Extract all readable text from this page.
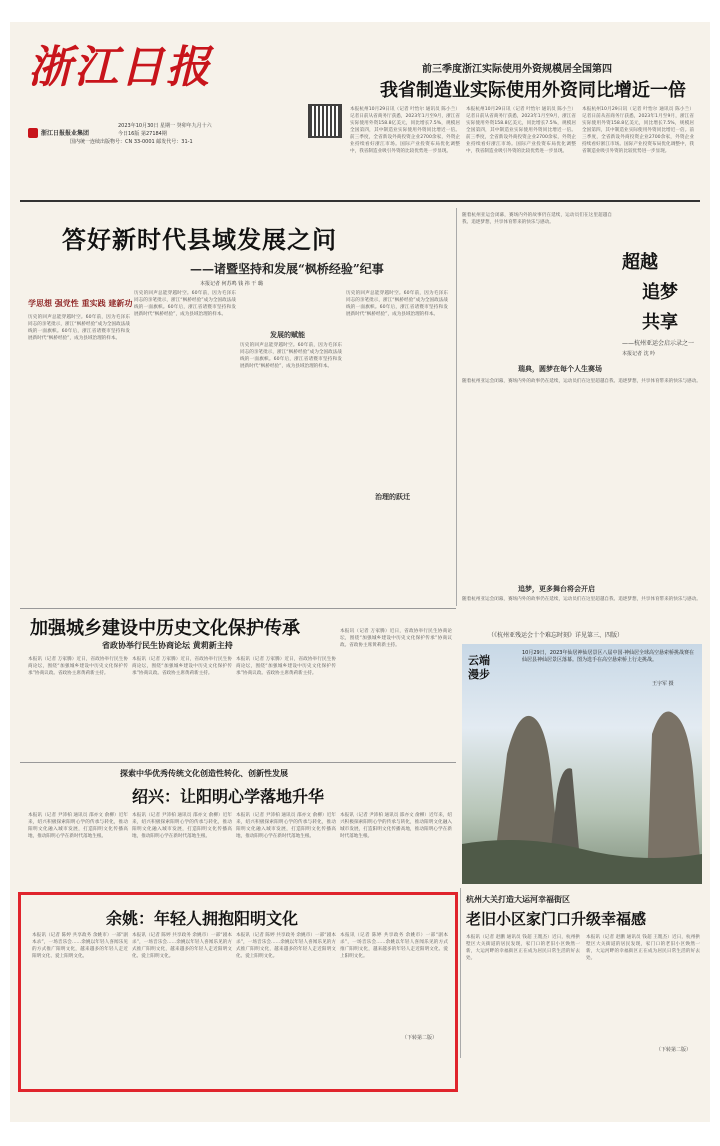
浙江日报
浙江日报报业集团
2023年10月30日 星期一 癸卯年九月十六
今日16版 第27184期
国内统一连续出版物号：CN 33-0001 邮发代号：31-1
前三季度浙江实际使用外资规模居全国第四
我省制造业实际使用外资同比增近一倍
本报杭州10月29日讯（记者 叶怡尔 通讯员 陈小兰）记者日前从省商务厅获悉，2023年1月至9月，浙江省实际使用外资158.8亿美元，同比增长7.5%，规模居全国第四，其中制造业实际使用外资同比增近一倍。前三季度，全省新设外商投资企业2700余家，外资企业持续看好浙江市场。国际产业投资布局优化调整中，我省制造业吸引外资的比较优势进一步显现。
本报杭州10月29日讯（记者 叶怡尔 通讯员 陈小兰）记者日前从省商务厅获悉，2023年1月至9月，浙江省实际使用外资158.8亿美元，同比增长7.5%，规模居全国第四，其中制造业实际使用外资同比增近一倍。前三季度，全省新设外商投资企业2700余家，外资企业持续看好浙江市场。国际产业投资布局优化调整中，我省制造业吸引外资的比较优势进一步显现。
本报杭州10月29日讯（记者 叶怡尔 通讯员 陈小兰）记者日前从省商务厅获悉，2023年1月至9月，浙江省实际使用外资158.8亿美元，同比增长7.5%，规模居全国第四，其中制造业实际使用外资同比增近一倍。前三季度，全省新设外商投资企业2700余家，外资企业持续看好浙江市场。国际产业投资布局优化调整中，我省制造业吸引外资的比较优势进一步显现。
答好新时代县域发展之问
——诸暨坚持和发展“枫桥经验”纪事
本报记者 何苏鸣 钱 祎 干 璐
学思想 强党性 重实践 建新功
历史的回声总能穿越时空。60年前，因为毛泽东同志的亲笔批示，浙江“枫桥经验”成为全国政法战线的一面旗帜。60年后，浙江省诸暨市坚持和发展新时代“枫桥经验”，成为县域治理的样本。
历史的回声总能穿越时空。60年前，因为毛泽东同志的亲笔批示，浙江“枫桥经验”成为全国政法战线的一面旗帜。60年后，浙江省诸暨市坚持和发展新时代“枫桥经验”，成为县域治理的样本。
发展的赋能
历史的回声总能穿越时空。60年前，因为毛泽东同志的亲笔批示，浙江“枫桥经验”成为全国政法战线的一面旗帜。60年后，浙江省诸暨市坚持和发展新时代“枫桥经验”，成为县域治理的样本。
历史的回声总能穿越时空。60年前，因为毛泽东同志的亲笔批示，浙江“枫桥经验”成为全国政法战线的一面旗帜。60年后，浙江省诸暨市坚持和发展新时代“枫桥经验”，成为县域治理的样本。
治理的跃迁
随着杭州亚运会闭幕，赛场内外的故事仍在延续，运动员们在这里超越自我、追逐梦想，共享体育带来的快乐与感动。
超越
追梦
共享
——杭州亚运会启示录之一
本报记者 沈 吟
瑞典，圆梦在每个人生赛场
随着杭州亚运会闭幕，赛场内外的故事仍在延续，运动员们在这里超越自我、追逐梦想，共享体育带来的快乐与感动。
追梦，更多舞台将会开启
随着杭州亚运会闭幕，赛场内外的故事仍在延续，运动员们在这里超越自我、追逐梦想，共享体育带来的快乐与感动。
（《杭州亚残运会十个难忘时刻》详见第三、四版）
加强城乡建设中历史文化保护传承
省政协举行民生协商论坛 黄莉新主持
本报讯（记者 万家腾）近日，省政协举行民生协商论坛，围绕“加强城乡建设中历史文化保护传承”协商议政。省政协主席黄莉新主持。
本报讯（记者 万家腾）近日，省政协举行民生协商论坛，围绕“加强城乡建设中历史文化保护传承”协商议政。省政协主席黄莉新主持。
本报讯（记者 万家腾）近日，省政协举行民生协商论坛，围绕“加强城乡建设中历史文化保护传承”协商议政。省政协主席黄莉新主持。
本报讯（记者 万家腾）近日，省政协举行民生协商论坛，围绕“加强城乡建设中历史文化保护传承”协商议政。省政协主席黄莉新主持。
云端漫步
10月29日，2023年仙居神仙居景区八届中国·神仙居全球高空悬索桥挑战赛在仙居县神仙居景区落幕。图为选手在高空悬索桥上行走挑战。
王宇军 摄
探索中华优秀传统文化创造性转化、创新性发展
绍兴：让阳明心学落地升华
本报讯（记者 尹沛柏 通讯员 邵亦文 俞柳）近年来，绍兴积极探索阳明心学的传承与转化，推动阳明文化融入城市发展，打造阳明文化传播高地，推动阳明心学在新时代落地生根。
本报讯（记者 尹沛柏 通讯员 邵亦文 俞柳）近年来，绍兴积极探索阳明心学的传承与转化，推动阳明文化融入城市发展，打造阳明文化传播高地，推动阳明心学在新时代落地生根。
本报讯（记者 尹沛柏 通讯员 邵亦文 俞柳）近年来，绍兴积极探索阳明心学的传承与转化，推动阳明文化融入城市发展，打造阳明文化传播高地，推动阳明心学在新时代落地生根。
本报讯（记者 尹沛柏 通讯员 邵亦文 俞柳）近年来，绍兴积极探索阳明心学的传承与转化，推动阳明文化融入城市发展，打造阳明文化传播高地，推动阳明心学在新时代落地生根。
余姚：年轻人拥抱阳明文化
本报讯（记者 陈婷 共享政务 余姚市）一部“剧本杀”，一场音乐会……余姚以年轻人喜闻乐见的方式推广阳明文化，越来越多的年轻人走近阳明文化、爱上阳明文化。
本报讯（记者 陈婷 共享政务 余姚市）一部“剧本杀”，一场音乐会……余姚以年轻人喜闻乐见的方式推广阳明文化，越来越多的年轻人走近阳明文化、爱上阳明文化。
本报讯（记者 陈婷 共享政务 余姚市）一部“剧本杀”，一场音乐会……余姚以年轻人喜闻乐见的方式推广阳明文化，越来越多的年轻人走近阳明文化、爱上阳明文化。
本报讯（记者 陈婷 共享政务 余姚市）一部“剧本杀”，一场音乐会……余姚以年轻人喜闻乐见的方式推广阳明文化，越来越多的年轻人走近阳明文化、爱上阳明文化。
（下转第二版）
杭州大关打造大运河幸福街区
老旧小区家门口升级幸福感
本报讯（记者 赵鹏 通讯员 钱超 王胤杰）近日，杭州拱墅区大关街道的居民发现，家门口的老旧小区焕然一新，大运河畔的幸福街区正在成为居民日常生活的好去处。
本报讯（记者 赵鹏 通讯员 钱超 王胤杰）近日，杭州拱墅区大关街道的居民发现，家门口的老旧小区焕然一新，大运河畔的幸福街区正在成为居民日常生活的好去处。
（下转第二版）
